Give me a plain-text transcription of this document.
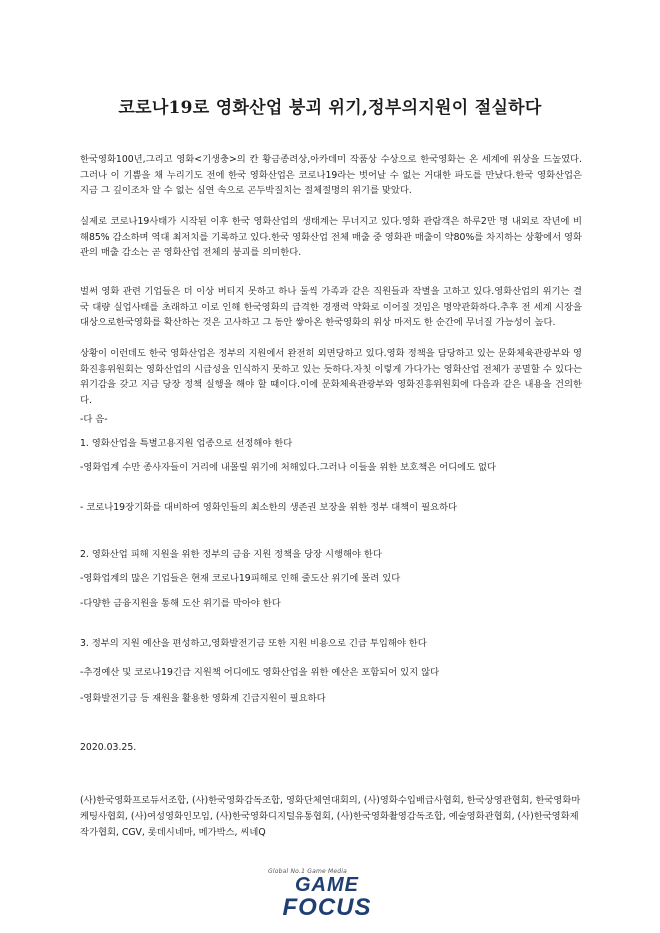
코로나19로 영화산업 붕괴 위기,정부의지원이 절실하다

한국영화100년,그리고 영화<기생충>의 칸 황금종려상,아카데미 작품상 수상으로 한국영화는 온 세계에 위상을 드높였다.그러나 이 기쁨을 채 누리기도 전에 한국 영화산업은 코로나19라는 벗어날 수 없는 거대한 파도를 만났다.한국 영화산업은 지금 그 깊이조차 알 수 없는 심연 속으로 곤두박질치는 절체절명의 위기를 맞았다.

실제로 코로나19사태가 시작된 이후 한국 영화산업의 생태계는 무너지고 있다.영화 관람객은 하루2만 명 내외로 작년에 비해85% 감소하며 역대 최저치를 기록하고 있다.한국 영화산업 전체 매출 중 영화관 매출이 약80%를 차지하는 상황에서 영화관의 매출 감소는 곧 영화산업 전체의 붕괴를 의미한다.

벌써 영화 관련 기업들은 더 이상 버티지 못하고 하나 둘씩 가족과 같은 직원들과 작별을 고하고 있다.영화산업의 위기는 결국 대량 실업사태를 초래하고 이로 인해 한국영화의 급격한 경쟁력 약화로 이어질 것임은 명약관화하다.추후 전 세계 시장을 대상으로한국영화를 확산하는 것은 고사하고 그 동안 쌓아온 한국영화의 위상 마저도 한 순간에 무너질 가능성이 높다.

상황이 이런데도 한국 영화산업은 정부의 지원에서 완전히 외면당하고 있다.영화 정책을 담당하고 있는 문화체육관광부와 영화진흥위원회는 영화산업의 시급성을 인식하지 못하고 있는 듯하다.자칫 이렇게 가다가는 영화산업 전체가 공멸할 수 있다는 위기감을 갖고 지금 당장 정책 실행을 해야 할 때이다.이에 문화체육관광부와 영화진흥위원회에 다음과 같은 내용을 건의한다.

-다 음-
1. 영화산업을 특별고용지원 업종으로 선정해야 한다
-영화업계 수만 종사자들이 거리에 내몰릴 위기에 처해있다.그러나 이들을 위한 보호책은 어디에도 없다
- 코로나19장기화를 대비하여 영화인들의 최소한의 생존권 보장을 위한 정부 대책이 필요하다
2. 영화산업 피해 지원을 위한 정부의 금융 지원 정책을 당장 시행해야 한다
-영화업계의 많은 기업들은 현재 코로나19피해로 인해 줄도산 위기에 몰려 있다
-다양한 금융지원을 통해 도산 위기를 막아야 한다
3. 정부의 지원 예산을 편성하고,영화발전기금 또한 지원 비용으로 긴급 투입해야 한다
-추경예산 및 코로나19긴급 지원책 어디에도 영화산업을 위한 예산은 포함되어 있지 않다
-영화발전기금 등 재원을 활용한 영화계 긴급지원이 필요하다
2020.03.25.
(사)한국영화프로듀서조합, (사)한국영화감독조합, 영화단체연대회의, (사)영화수입배급사협회, 한국상영관협회, 한국영화마케팅사협회, (사)여성영화인모임, (사)한국영화디지털유통협회, (사)한국영화촬영감독조합, 예술영화관협회, (사)한국영화제작가협회, CGV, 롯데시네마, 메가박스, 씨네Q
Global No.1 Game Media
GAME
FOCUS
